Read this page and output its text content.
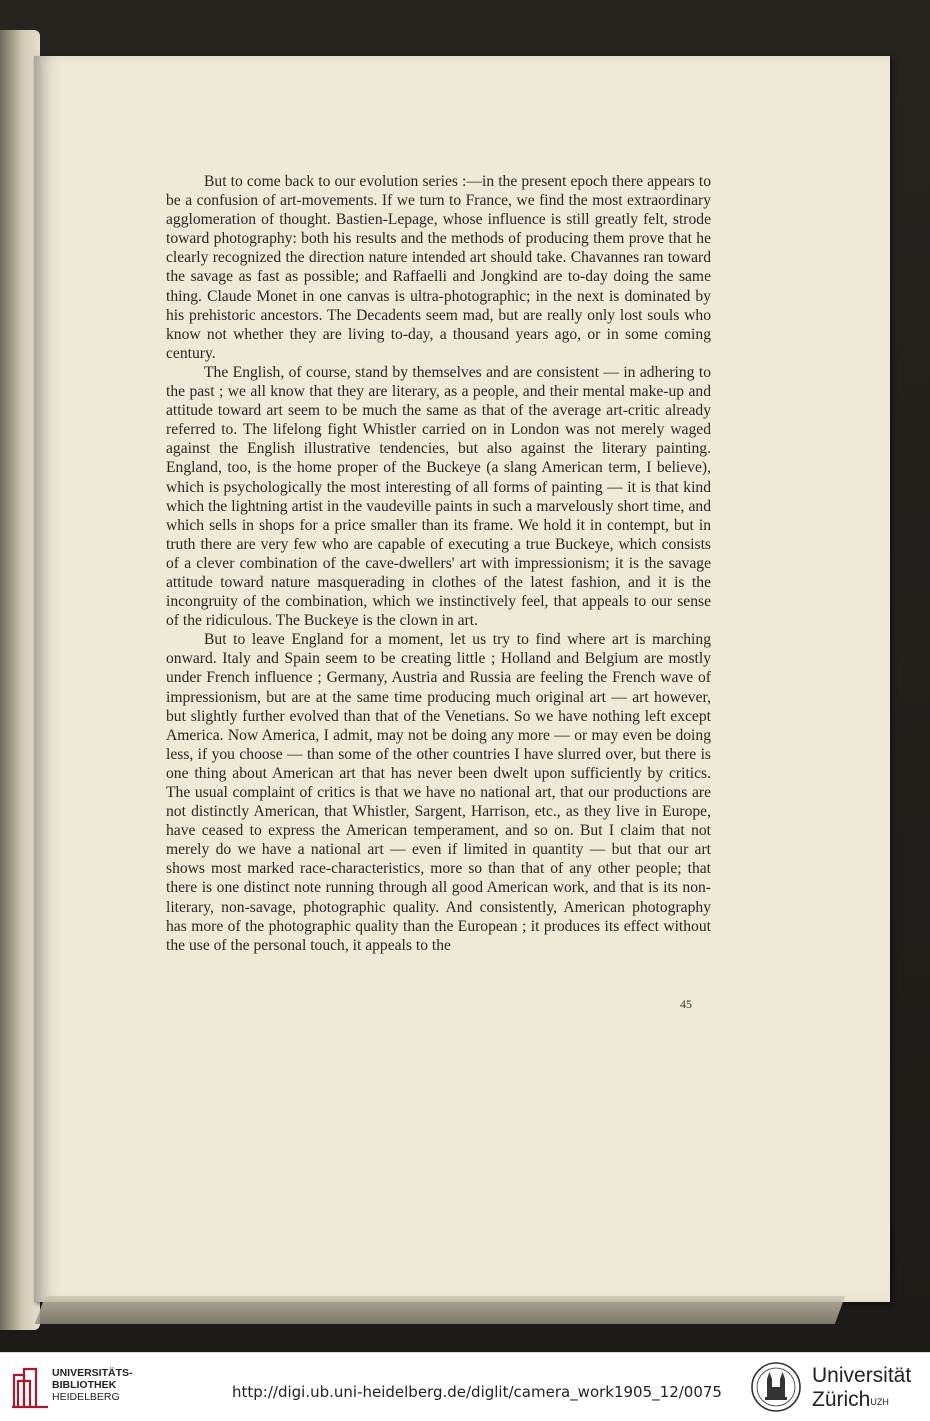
But to come back to our evolution series :—in the present epoch there appears to be a confusion of art-movements. If we turn to France, we find the most extraordinary agglomeration of thought. Bastien-Lepage, whose influence is still greatly felt, strode toward photography: both his results and the methods of producing them prove that he clearly recognized the direction nature intended art should take. Chavannes ran toward the savage as fast as possible; and Raffaelli and Jongkind are to-day doing the same thing. Claude Monet in one canvas is ultra-photographic; in the next is dominated by his prehistoric ancestors. The Decadents seem mad, but are really only lost souls who know not whether they are living to-day, a thousand years ago, or in some coming century.

The English, of course, stand by themselves and are consistent — in adhering to the past ; we all know that they are literary, as a people, and their mental make-up and attitude toward art seem to be much the same as that of the average art-critic already referred to. The lifelong fight Whistler carried on in London was not merely waged against the English illustrative tendencies, but also against the literary painting. England, too, is the home proper of the Buckeye (a slang American term, I believe), which is psychologically the most interesting of all forms of painting — it is that kind which the lightning artist in the vaudeville paints in such a marvelously short time, and which sells in shops for a price smaller than its frame. We hold it in contempt, but in truth there are very few who are capable of executing a true Buckeye, which consists of a clever combination of the cave-dwellers' art with impressionism; it is the savage attitude toward nature masquerading in clothes of the latest fashion, and it is the incongruity of the combination, which we instinctively feel, that appeals to our sense of the ridiculous. The Buckeye is the clown in art.

But to leave England for a moment, let us try to find where art is marching onward. Italy and Spain seem to be creating little ; Holland and Belgium are mostly under French influence ; Germany, Austria and Russia are feeling the French wave of impressionism, but are at the same time producing much original art — art however, but slightly further evolved than that of the Venetians. So we have nothing left except America. Now America, I admit, may not be doing any more — or may even be doing less, if you choose — than some of the other countries I have slurred over, but there is one thing about American art that has never been dwelt upon sufficiently by critics. The usual complaint of critics is that we have no national art, that our productions are not distinctly American, that Whistler, Sargent, Harrison, etc., as they live in Europe, have ceased to express the American temperament, and so on. But I claim that not merely do we have a national art — even if limited in quantity — but that our art shows most marked race-characteristics, more so than that of any other people; that there is one distinct note running through all good American work, and that is its non-literary, non-savage, photographic quality. And consistently, American photography has more of the photographic quality than the European ; it produces its effect without the use of the personal touch, it appeals to the

45
UNIVERSITÄTS-
BIBLIOTHEK
HEIDELBERG	http://digi.ub.uni-heidelberg.de/diglit/camera_work1905_12/0075
Universität
Zürich$^{UZH}$
